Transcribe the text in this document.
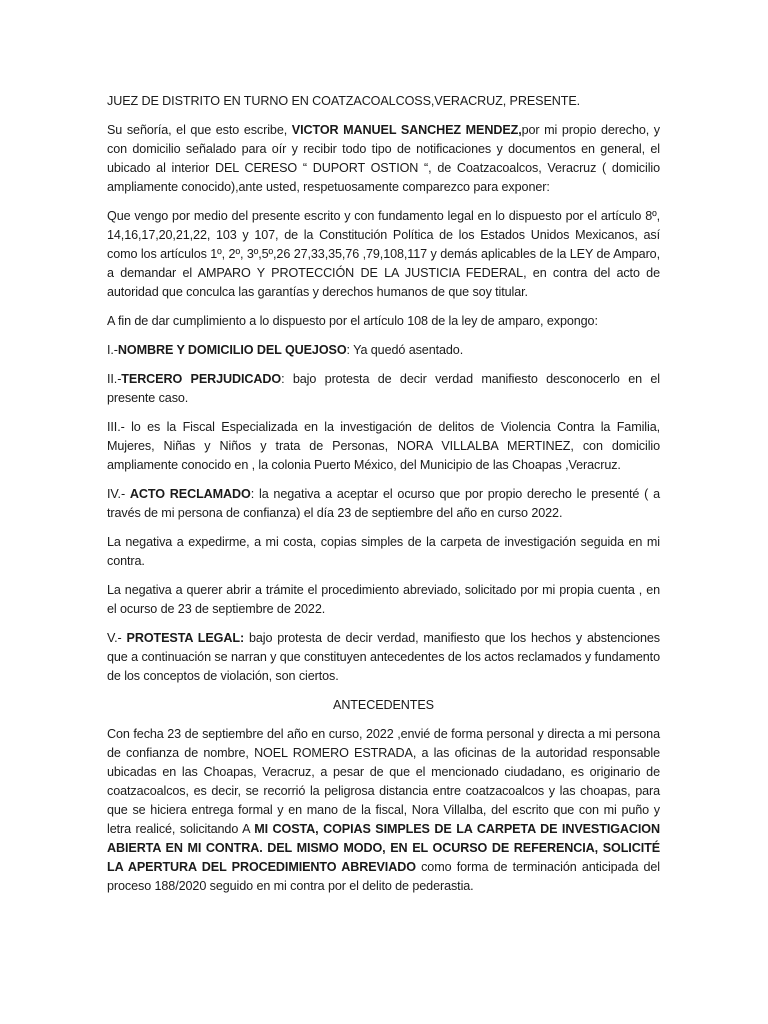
JUEZ DE DISTRITO EN TURNO EN COATZACOALCOSS,VERACRUZ, PRESENTE.

Su señoría, el que esto escribe, VICTOR MANUEL SANCHEZ MENDEZ,por mi propio derecho, y con domicilio señalado para oír y recibir todo tipo de notificaciones y documentos en general, el ubicado al interior DEL CERESO “ DUPORT OSTION “, de Coatzacoalcos, Veracruz ( domicilio ampliamente conocido),ante usted, respetuosamente comparezco para exponer:

Que vengo por medio del presente escrito y con fundamento legal en lo dispuesto por el artículo 8º, 14,16,17,20,21,22, 103 y 107, de la Constitución Política de los Estados Unidos Mexicanos, así como los artículos 1º, 2º, 3º,5º,26 27,33,35,76 ,79,108,117 y demás aplicables de la LEY de Amparo, a demandar el AMPARO Y PROTECCIÓN DE LA JUSTICIA FEDERAL, en contra del acto de autoridad que conculca las garantías y derechos humanos de que soy titular.

A fin de dar cumplimiento a lo dispuesto por el artículo 108 de la ley de amparo, expongo:

I.-NOMBRE Y DOMICILIO DEL QUEJOSO: Ya quedó asentado.

II.-TERCERO PERJUDICADO: bajo protesta de decir verdad manifiesto desconocerlo en el presente caso.

III.- lo es la Fiscal Especializada en la investigación de delitos de Violencia Contra la Familia, Mujeres, Niñas y Niños y trata de Personas, NORA VILLALBA MERTINEZ, con domicilio ampliamente conocido en , la colonia Puerto México, del Municipio de las Choapas ,Veracruz.

IV.- ACTO RECLAMADO: la negativa a aceptar el ocurso que por propio derecho le presenté ( a través de mi persona de confianza) el día 23 de septiembre del año en curso 2022.

La negativa a expedirme, a mi costa, copias simples de la carpeta de investigación seguida en mi contra.

La negativa a querer abrir a trámite el procedimiento abreviado, solicitado por mi propia cuenta , en el ocurso de 23 de septiembre de 2022.

V.- PROTESTA LEGAL: bajo protesta de decir verdad, manifiesto que los hechos y abstenciones que a continuación se narran y que constituyen antecedentes de los actos reclamados y fundamento de los conceptos de violación, son ciertos.

ANTECEDENTES

Con fecha 23 de septiembre del año en curso, 2022 ,envié de forma personal y directa a mi persona de confianza de nombre, NOEL ROMERO ESTRADA, a las oficinas de la autoridad responsable ubicadas en las Choapas, Veracruz, a pesar de que el mencionado ciudadano, es originario de coatzacoalcos, es decir, se recorrió la peligrosa distancia entre coatzacoalcos y las choapas, para que se hiciera entrega formal y en mano de la fiscal, Nora Villalba, del escrito que con mi puño y letra realicé, solicitando A MI COSTA, COPIAS SIMPLES DE LA CARPETA DE INVESTIGACION ABIERTA EN MI CONTRA. DEL MISMO MODO, EN EL OCURSO DE REFERENCIA, SOLICITÉ LA APERTURA DEL PROCEDIMIENTO ABREVIADO como forma de terminación anticipada del proceso 188/2020 seguido en mi contra por el delito de pederastia.
